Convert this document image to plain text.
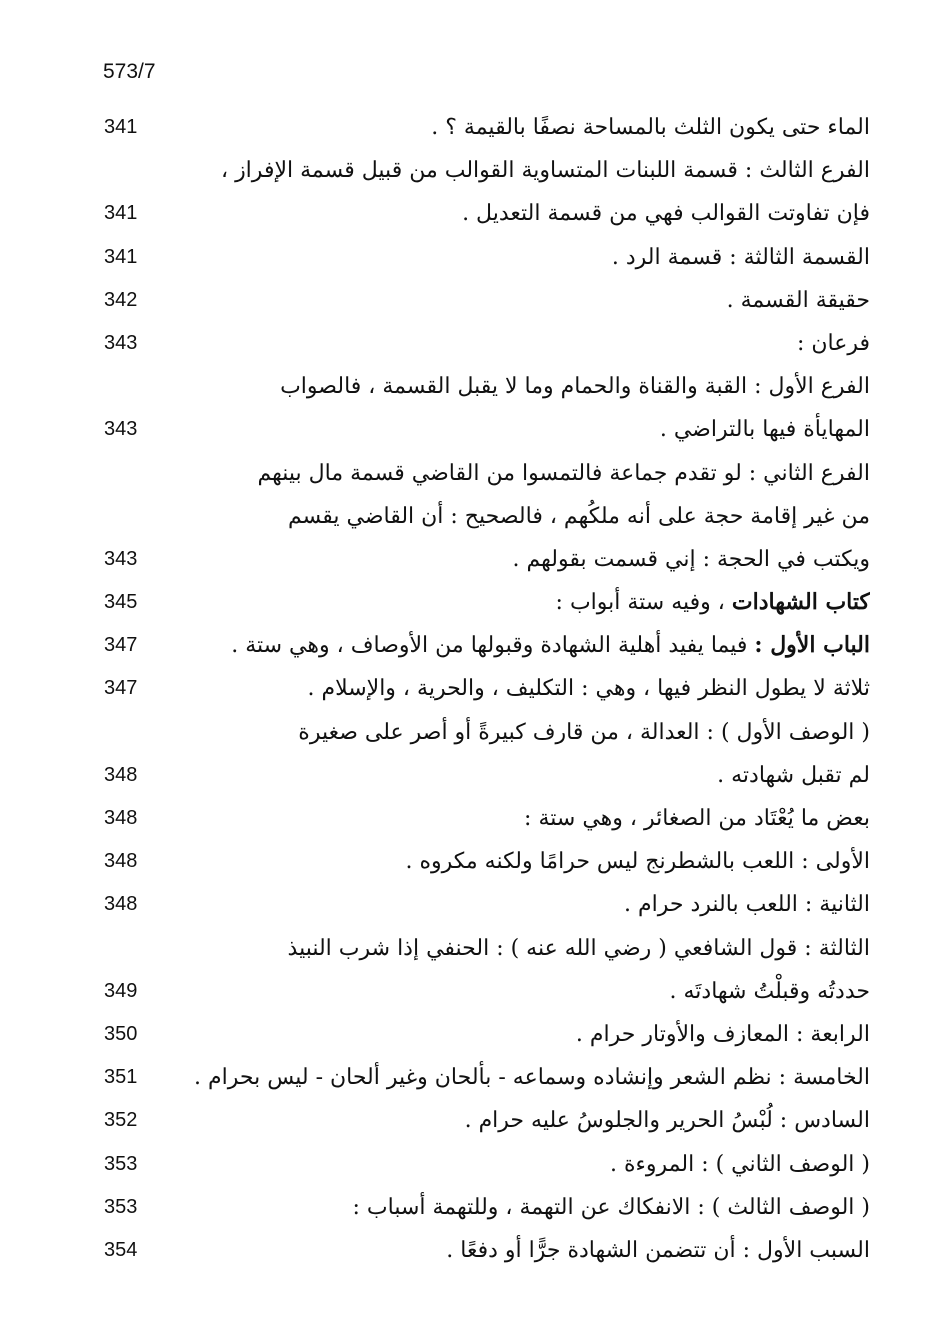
573/7

الماء حتى يكون الثلث بالمساحة نصفًا بالقيمة ؟ .
341
الفرع الثالث : قسمة اللبنات المتساوية القوالب من قبيل قسمة الإفراز ،
فإن تفاوتت القوالب فهي من قسمة التعديل .
341
القسمة الثالثة : قسمة الرد .
341
حقيقة القسمة .
342
فرعان :
343
الفرع الأول : القبة والقناة والحمام وما لا يقبل القسمة ، فالصواب
المهايأة فيها بالتراضي .
343
الفرع الثاني : لو تقدم جماعة فالتمسوا من القاضي قسمة مال بينهم
من غير إقامة حجة على أنه ملكُهم ، فالصحيح : أن القاضي يقسم
ويكتب في الحجة : إني قسمت بقولهم .
343
كتاب الشهادات ، وفيه ستة أبواب :
345
الباب الأول : فيما يفيد أهلية الشهادة وقبولها من الأوصاف ، وهي ستة .
347
ثلاثة لا يطول النظر فيها ، وهي : التكليف ، والحرية ، والإسلام .
347
( الوصف الأول ) : العدالة ، من قارف كبيرةً أو أصر على صغيرة
لم تقبل شهادته .
348
بعض ما يُعْتَاد من الصغائر ، وهي ستة :
348
الأولى : اللعب بالشطرنج ليس حرامًا ولكنه مكروه .
348
الثانية : اللعب بالنرد حرام .
348
الثالثة : قول الشافعي ( رضي الله عنه ) : الحنفي إذا شرب النبيذ
حددتُه وقبلْتُ شهادتَه .
349
الرابعة : المعازف والأوتار حرام .
350
الخامسة : نظم الشعر وإنشاده وسماعه - بألحان وغير ألحان - ليس بحرام .
351
السادس : لُبْسُ الحرير والجلوسُ عليه حرام .
352
( الوصف الثاني ) : المروءة .
353
( الوصف الثالث ) : الانفكاك عن التهمة ، وللتهمة أسباب :
353
السبب الأول : أن تتضمن الشهادة جرًّا أو دفعًا .
354
